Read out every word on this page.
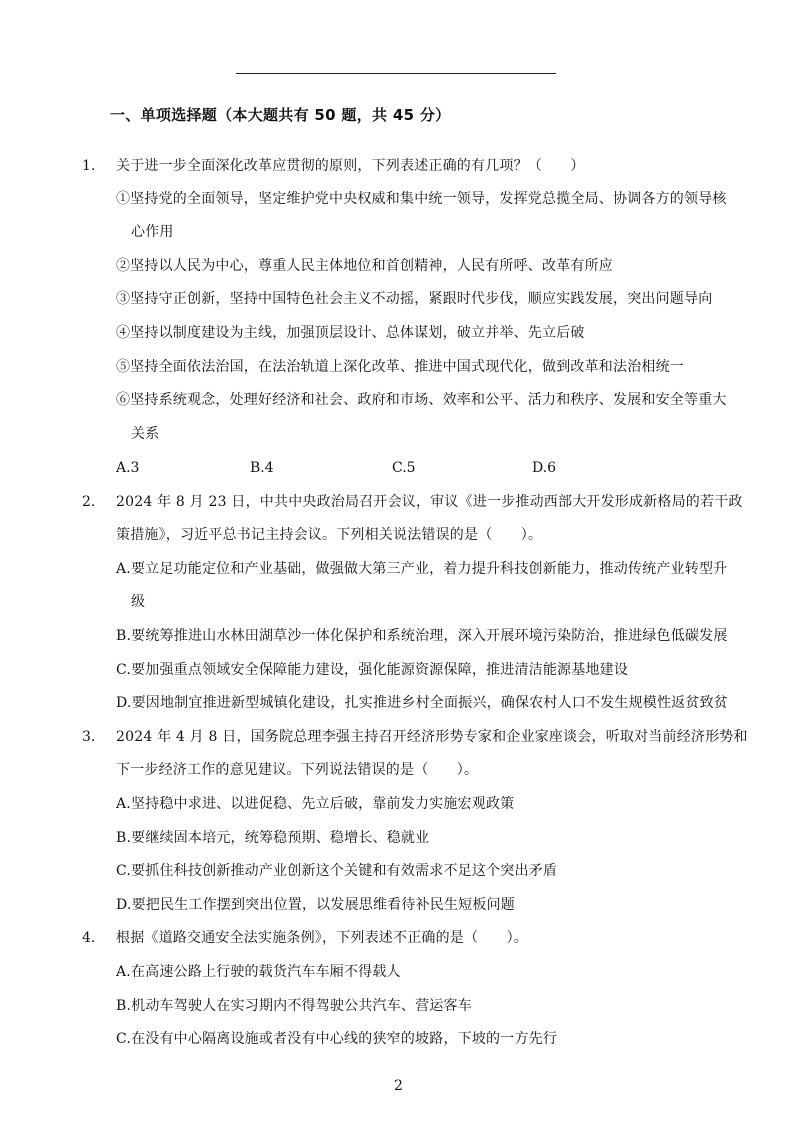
一、单项选择题（本大题共有 50 题，共 45 分）
1. 关于进一步全面深化改革应贯彻的原则，下列表述正确的有几项？（　　）
①坚持党的全面领导，坚定维护党中央权威和集中统一领导，发挥党总揽全局、协调各方的领导核
心作用
②坚持以人民为中心，尊重人民主体地位和首创精神，人民有所呼、改革有所应
③坚持守正创新，坚持中国特色社会主义不动摇，紧跟时代步伐，顺应实践发展，突出问题导向
④坚持以制度建设为主线，加强顶层设计、总体谋划，破立并举、先立后破
⑤坚持全面依法治国，在法治轨道上深化改革、推进中国式现代化，做到改革和法治相统一
⑥坚持系统观念，处理好经济和社会、政府和市场、效率和公平、活力和秩序、发展和安全等重大
关系
A.3	B.4	C.5	D.6
2. 2024 年 8 月 23 日，中共中央政治局召开会议，审议《进一步推动西部大开发形成新格局的若干政
策措施》，习近平总书记主持会议。下列相关说法错误的是（　　）。
A.要立足功能定位和产业基础，做强做大第三产业，着力提升科技创新能力，推动传统产业转型升
级
B.要统筹推进山水林田湖草沙一体化保护和系统治理，深入开展环境污染防治，推进绿色低碳发展
C.要加强重点领域安全保障能力建设，强化能源资源保障，推进清洁能源基地建设
D.要因地制宜推进新型城镇化建设，扎实推进乡村全面振兴，确保农村人口不发生规模性返贫致贫
3. 2024 年 4 月 8 日，国务院总理李强主持召开经济形势专家和企业家座谈会，听取对当前经济形势和
下一步经济工作的意见建议。下列说法错误的是（　　）。
A.坚持稳中求进、以进促稳、先立后破，靠前发力实施宏观政策
B.要继续固本培元，统筹稳预期、稳增长、稳就业
C.要抓住科技创新推动产业创新这个关键和有效需求不足这个突出矛盾
D.要把民生工作摆到突出位置，以发展思维看待补民生短板问题
4. 根据《道路交通安全法实施条例》，下列表述不正确的是（　　）。
A.在高速公路上行驶的载货汽车车厢不得载人
B.机动车驾驶人在实习期内不得驾驶公共汽车、营运客车
C.在没有中心隔离设施或者没有中心线的狭窄的坡路，下坡的一方先行
2
